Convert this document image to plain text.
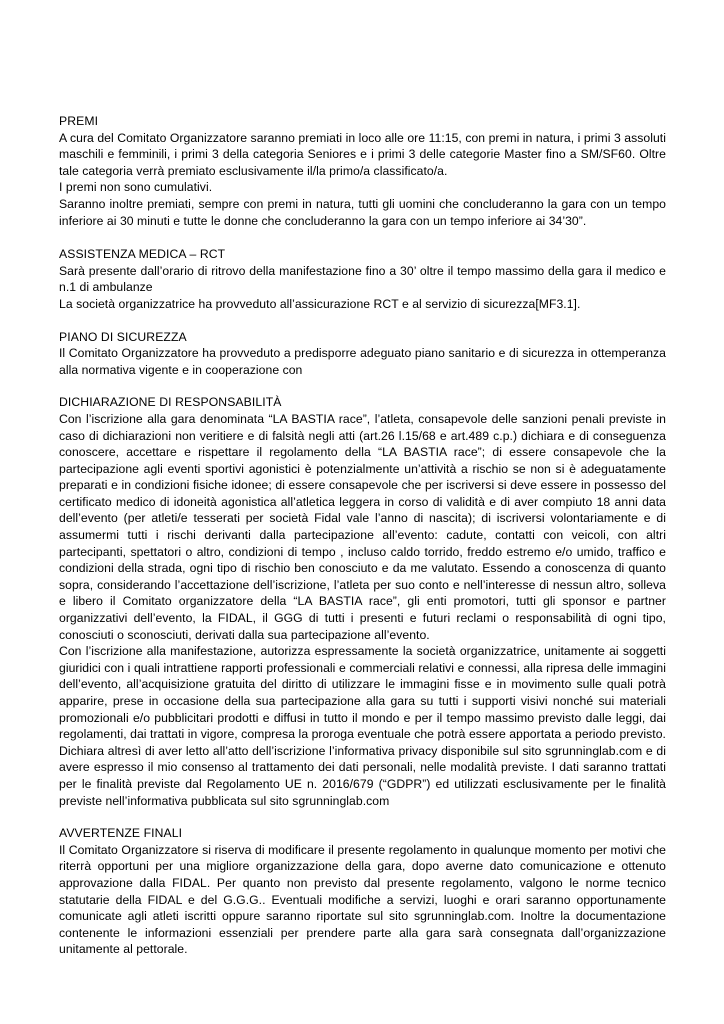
PREMI

A cura del Comitato Organizzatore saranno premiati in loco alle ore 11:15, con premi in natura, i primi 3 assoluti maschili e femminili, i primi 3 della categoria Seniores e i primi 3 delle categorie Master fino a SM/SF60. Oltre tale categoria verrà premiato esclusivamente il/la primo/a classificato/a.

I premi non sono cumulativi.

Saranno inoltre premiati, sempre con premi in natura, tutti gli uomini che concluderanno la gara con un tempo inferiore ai 30 minuti e tutte le donne che concluderanno la gara con un tempo inferiore ai 34’30”.

ASSISTENZA MEDICA – RCT

Sarà presente dall’orario di ritrovo della manifestazione fino a 30’ oltre il tempo massimo della gara il medico e n.1 di ambulanze

La società organizzatrice ha provveduto all’assicurazione RCT e al servizio di sicurezza[MF3.1].

PIANO DI SICUREZZA

Il Comitato Organizzatore ha provveduto a predisporre adeguato piano sanitario e di sicurezza in ottemperanza alla normativa vigente e in cooperazione con

DICHIARAZIONE DI RESPONSABILITÀ

Con l’iscrizione alla gara denominata “LA BASTIA race”, l’atleta, consapevole delle sanzioni penali previste in caso di dichiarazioni non veritiere e di falsità negli atti (art.26 l.15/68 e art.489 c.p.) dichiara e di conseguenza conoscere, accettare e rispettare il regolamento della “LA BASTIA race”; di essere consapevole che la partecipazione agli eventi sportivi agonistici è potenzialmente un’attività a rischio se non si è adeguatamente preparati e in condizioni fisiche idonee; di essere consapevole che per iscriversi si deve essere in possesso del certificato medico di idoneità agonistica all’atletica leggera in corso di validità e di aver compiuto 18 anni data dell’evento (per atleti/e tesserati per società Fidal vale l’anno di nascita); di iscriversi volontariamente e di assumermi tutti i rischi derivanti dalla partecipazione all’evento: cadute, contatti con veicoli, con altri partecipanti, spettatori o altro, condizioni di tempo , incluso caldo torrido, freddo estremo e/o umido, traffico e condizioni della strada, ogni tipo di rischio ben conosciuto e da me valutato. Essendo a conoscenza di quanto sopra, considerando l’accettazione dell’iscrizione, l’atleta per suo conto e nell’interesse di nessun altro, solleva e libero il Comitato organizzatore della “LA BASTIA race”, gli enti promotori, tutti gli sponsor e partner organizzativi dell’evento, la FIDAL, il GGG di tutti i presenti e futuri reclami o responsabilità di ogni tipo, conosciuti o sconosciuti, derivati dalla sua partecipazione all’evento.

Con l’iscrizione alla manifestazione, autorizza espressamente la società organizzatrice, unitamente ai soggetti giuridici con i quali intrattiene rapporti professionali e commerciali relativi e connessi, alla ripresa delle immagini dell’evento, all’acquisizione gratuita del diritto di utilizzare le immagini fisse e in movimento sulle quali potrà apparire, prese in occasione della sua partecipazione alla gara su tutti i supporti visivi nonché sui materiali promozionali e/o pubblicitari prodotti e diffusi in tutto il mondo e per il tempo massimo previsto dalle leggi, dai regolamenti, dai trattati in vigore, compresa la proroga eventuale che potrà essere apportata a periodo previsto. Dichiara altresì di aver letto all’atto dell’iscrizione l’informativa privacy disponibile sul sito sgrunninglab.com e di avere espresso il mio consenso al trattamento dei dati personali, nelle modalità previste. I dati saranno trattati per le finalità previste dal Regolamento UE n. 2016/679 (“GDPR”) ed utilizzati esclusivamente per le finalità previste nell’informativa pubblicata sul sito sgrunninglab.com

AVVERTENZE FINALI

Il Comitato Organizzatore si riserva di modificare il presente regolamento in qualunque momento per motivi che riterrà opportuni per una migliore organizzazione della gara, dopo averne dato comunicazione e ottenuto approvazione dalla FIDAL. Per quanto non previsto dal presente regolamento, valgono le norme tecnico statutarie della FIDAL e del G.G.G.. Eventuali modifiche a servizi, luoghi e orari saranno opportunamente comunicate agli atleti iscritti oppure saranno riportate sul sito sgrunninglab.com. Inoltre la documentazione contenente le informazioni essenziali per prendere parte alla gara sarà consegnata dall’organizzazione unitamente al pettorale.
